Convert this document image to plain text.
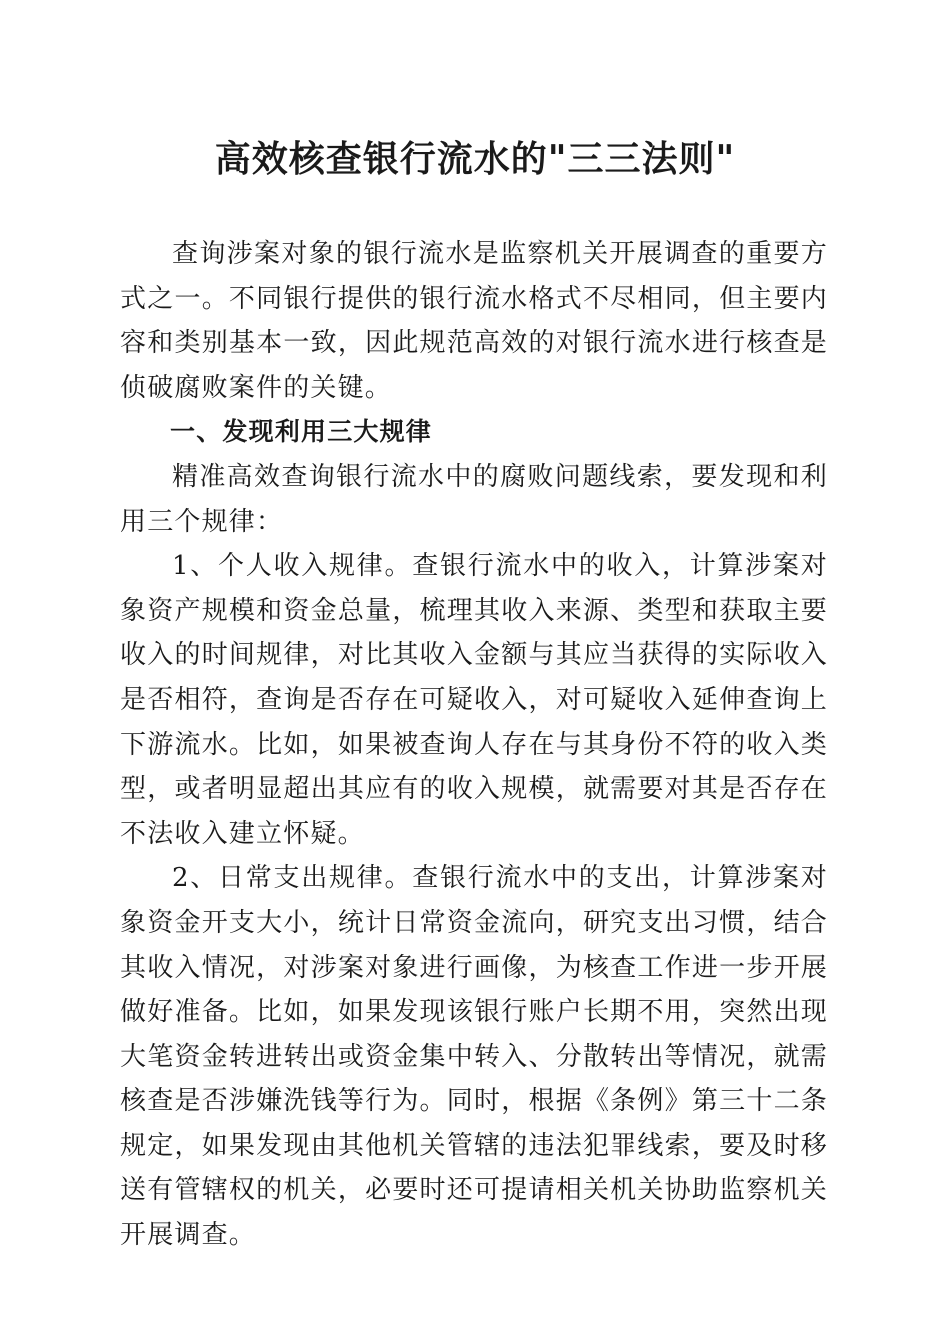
高效核查银行流水的"三三法则"

查询涉案对象的银行流水是监察机关开展调查的重要方式之一。不同银行提供的银行流水格式不尽相同，但主要内容和类别基本一致，因此规范高效的对银行流水进行核查是侦破腐败案件的关键。

一、发现利用三大规律

精准高效查询银行流水中的腐败问题线索，要发现和利用三个规律：

1、个人收入规律。查银行流水中的收入，计算涉案对象资产规模和资金总量，梳理其收入来源、类型和获取主要收入的时间规律，对比其收入金额与其应当获得的实际收入是否相符，查询是否存在可疑收入，对可疑收入延伸查询上下游流水。比如，如果被查询人存在与其身份不符的收入类型，或者明显超出其应有的收入规模，就需要对其是否存在不法收入建立怀疑。

2、日常支出规律。查银行流水中的支出，计算涉案对象资金开支大小，统计日常资金流向，研究支出习惯，结合其收入情况，对涉案对象进行画像，为核查工作进一步开展做好准备。比如，如果发现该银行账户长期不用，突然出现大笔资金转进转出或资金集中转入、分散转出等情况，就需核查是否涉嫌洗钱等行为。同时，根据《条例》第三十二条规定，如果发现由其他机关管辖的违法犯罪线索，要及时移送有管辖权的机关，必要时还可提请相关机关协助监察机关开展调查。
